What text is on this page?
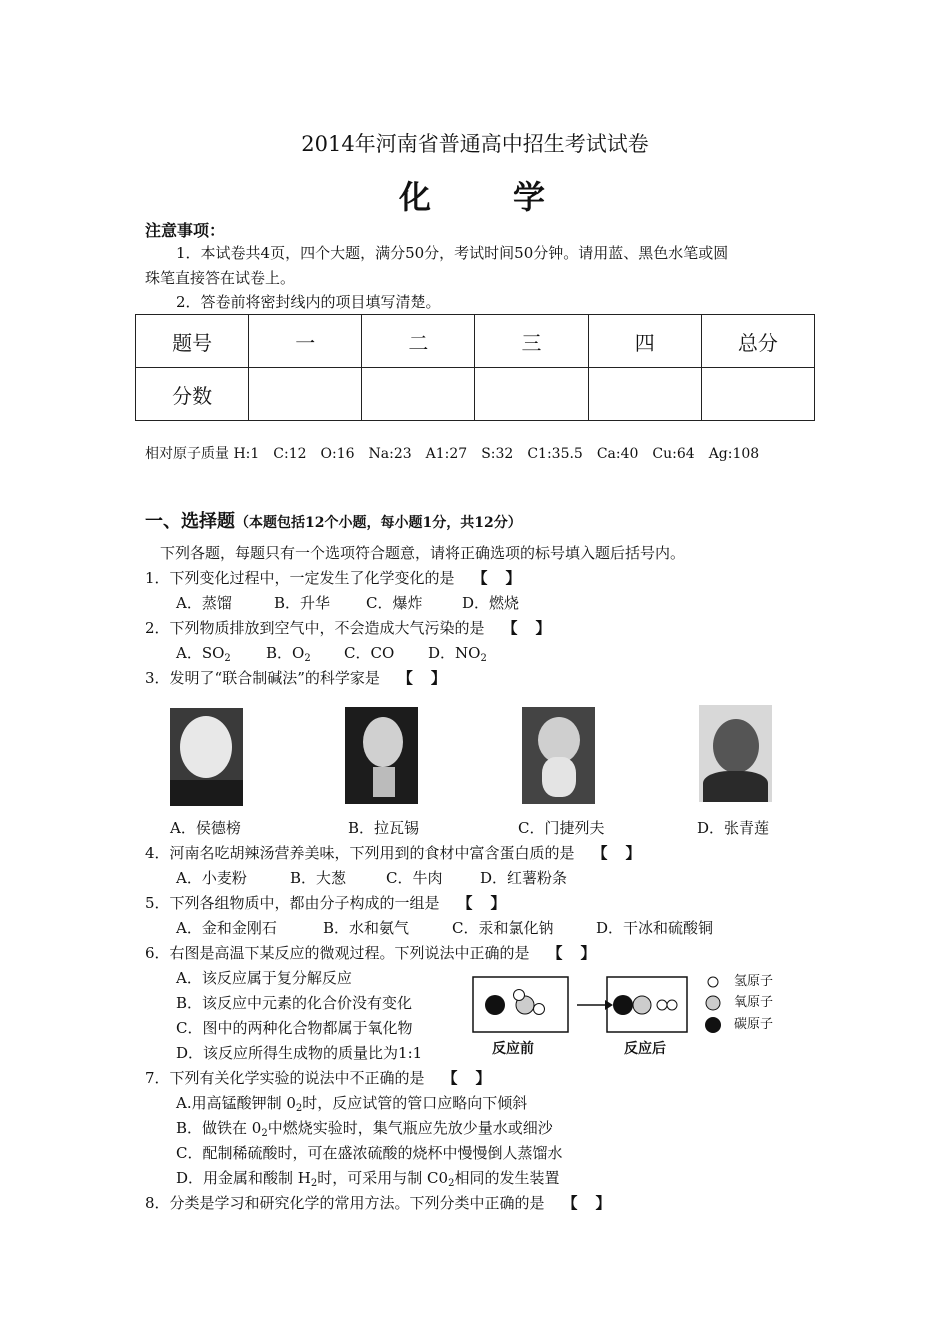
2014年河南省普通高中招生考试试卷
化　　学
注意事项：
1．本试卷共4页，四个大题，满分50分，考试时间50分钟。请用蓝、黑色水笔或圆
珠笔直接答在试卷上。
2．答卷前将密封线内的项目填写清楚。
题号	一	二	三	四	总分
分数					
相对原子质量 H:1　C:12　O:16　Na:23　A1:27　S:32　C1:35.5　Ca:40　Cu:64　Ag:108
一、选择题（本题包括12个小题，每小题1分，共12分）
下列各题，每题只有一个选项符合题意，请将正确选项的标号填入题后括号内。
1．下列变化过程中，一定发生了化学变化的是 【】
A．蒸馏	B．升华 C．爆炸	D．燃烧
2．下列物质排放到空气中，不会造成大气污染的是 【】
A．$SO_2$ B．$O_2$ C．CO D．$NO_2$
3．发明了“联合制碱法”的科学家是 【】
A．侯德榜	B．拉瓦锡	C．门捷列夫	D．张青莲
4．河南名吃胡辣汤营养美味，下列用到的食材中富含蛋白质的是 【】
A．小麦粉	B．大葱	C．牛肉	D．红薯粉条
5．下列各组物质中，都由分子构成的一组是 【】
A．金和金刚石	B．水和氨气	C．汞和氯化钠	D．干冰和硫酸铜
6．右图是高温下某反应的微观过程。下列说法中正确的是 【】
A．该反应属于复分解反应
B．该反应中元素的化合价没有变化
C．图中的两种化合物都属于氧化物
D．该反应所得生成物的质量比为1:1	反应前	反应后
氢原子
氧原子
碳原子
7．下列有关化学实验的说法中不正确的是 【】
A.用高锰酸钾制 $0_2$时，反应试管的管口应略向下倾斜
B．做铁在 $0_2$中燃烧实验时，集气瓶应先放少量水或细沙
C．配制稀硫酸时，可在盛浓硫酸的烧杯中慢慢倒人蒸馏水
D．用金属和酸制 $H_2$时，可采用与制 $C0_2$相同的发生装置
8．分类是学习和研究化学的常用方法。下列分类中正确的是 【】
